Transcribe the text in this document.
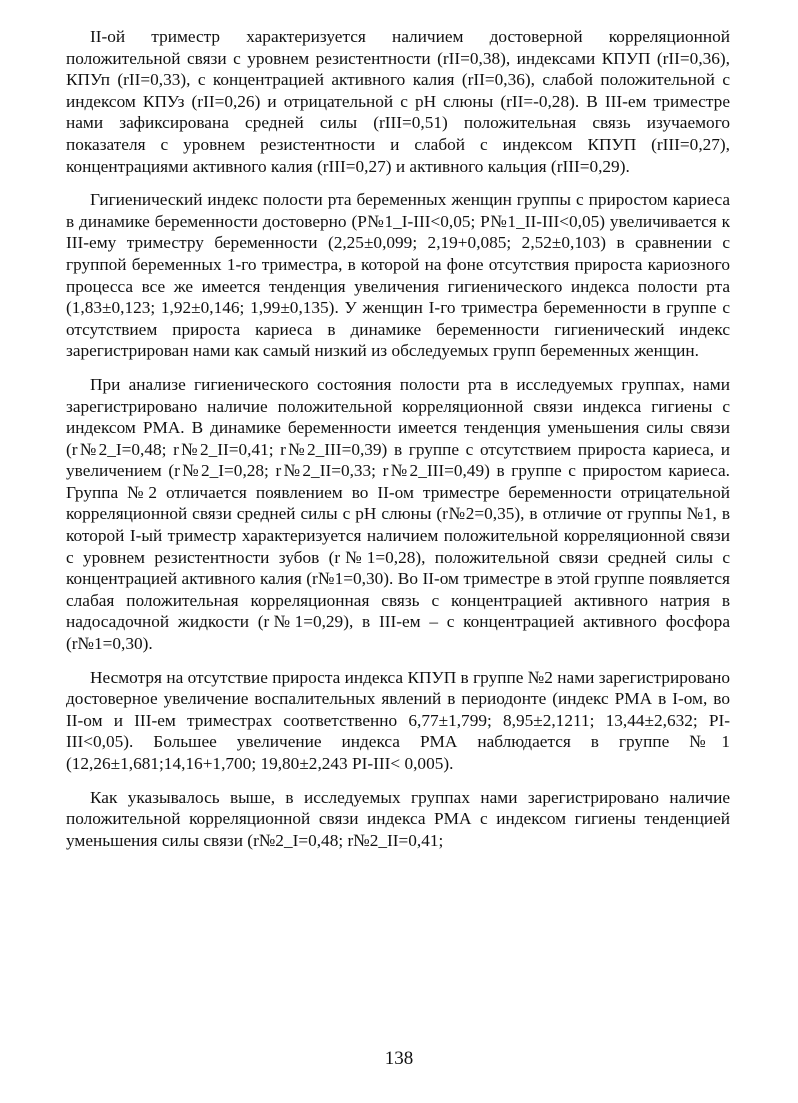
II-ой триместр характеризуется наличием достоверной корреляционной положительной связи с уровнем резистентности (rII=0,38), индексами КПУП (rII=0,36), КПУп (rII=0,33), с концентрацией активного калия (rII=0,36), слабой положительной с индексом КПУз (rII=0,26) и отрицательной с рН слюны (rII=-0,28). В III-ем триместре нами зафиксирована средней силы (rIII=0,51) положительная связь изучаемого показателя с уровнем резистентности и слабой с индексом КПУП (rIII=0,27), концентрациями активного калия (rIII=0,27) и активного кальция (rIII=0,29).

Гигиенический индекс полости рта беременных женщин группы с приростом кариеса в динамике беременности достоверно (P№1_I-III<0,05; P№1_II-III<0,05) увеличивается к III-ему триместру беременности (2,25±0,099; 2,19+0,085; 2,52±0,103) в сравнении с группой беременных 1-го триместра, в которой на фоне отсутствия прироста кариозного процесса все же имеется тенденция увеличения гигиенического индекса полости рта (1,83±0,123; 1,92±0,146; 1,99±0,135). У женщин I-го триместра беременности в группе с отсутствием прироста кариеса в динамике беременности гигиенический индекс зарегистрирован нами как самый низкий из обследуемых групп беременных женщин.

При анализе гигиенического состояния полости рта в исследуемых группах, нами зарегистрировано наличие положительной корреляционной связи индекса гигиены с индексом РМА. В динамике беременности имеется тенденция уменьшения силы связи (r№2_I=0,48; r№2_II=0,41; r№2_III=0,39) в группе с отсутствием прироста кариеса, и увеличением (r№2_I=0,28; r№2_II=0,33; r№2_III=0,49) в группе с приростом кариеса. Группа №2 отличается появлением во II-ом триместре беременности отрицательной корреляционной связи средней силы с рН слюны (r№2=0,35), в отличие от группы №1, в которой I-ый триместр характеризуется наличием положительной корреляционной связи с уровнем резистентности зубов (r№1=0,28), положительной связи средней силы с концентрацией активного калия (r№1=0,30). Во II-ом триместре в этой группе появляется слабая положительная корреляционная связь с концентрацией активного натрия в надосадочной жидкости (r№1=0,29), в III-ем – с концентрацией активного фосфора (r№1=0,30).

Несмотря на отсутствие прироста индекса КПУП в группе №2 нами зарегистрировано достоверное увеличение воспалительных явлений в периодонте (индекс РМА в I-ом, во II-ом и III-ем триместрах соответственно 6,77±1,799; 8,95±2,1211; 13,44±2,632; PI-III<0,05). Большее увеличение индекса РМА наблюдается в группе №1 (12,26±1,681;14,16+1,700; 19,80±2,243 PI-III< 0,005).

Как указывалось выше, в исследуемых группах нами зарегистрировано наличие положительной корреляционной связи индекса РМА с индексом гигиены тенденцией уменьшения силы связи (r№2_I=0,48; r№2_II=0,41;

138
